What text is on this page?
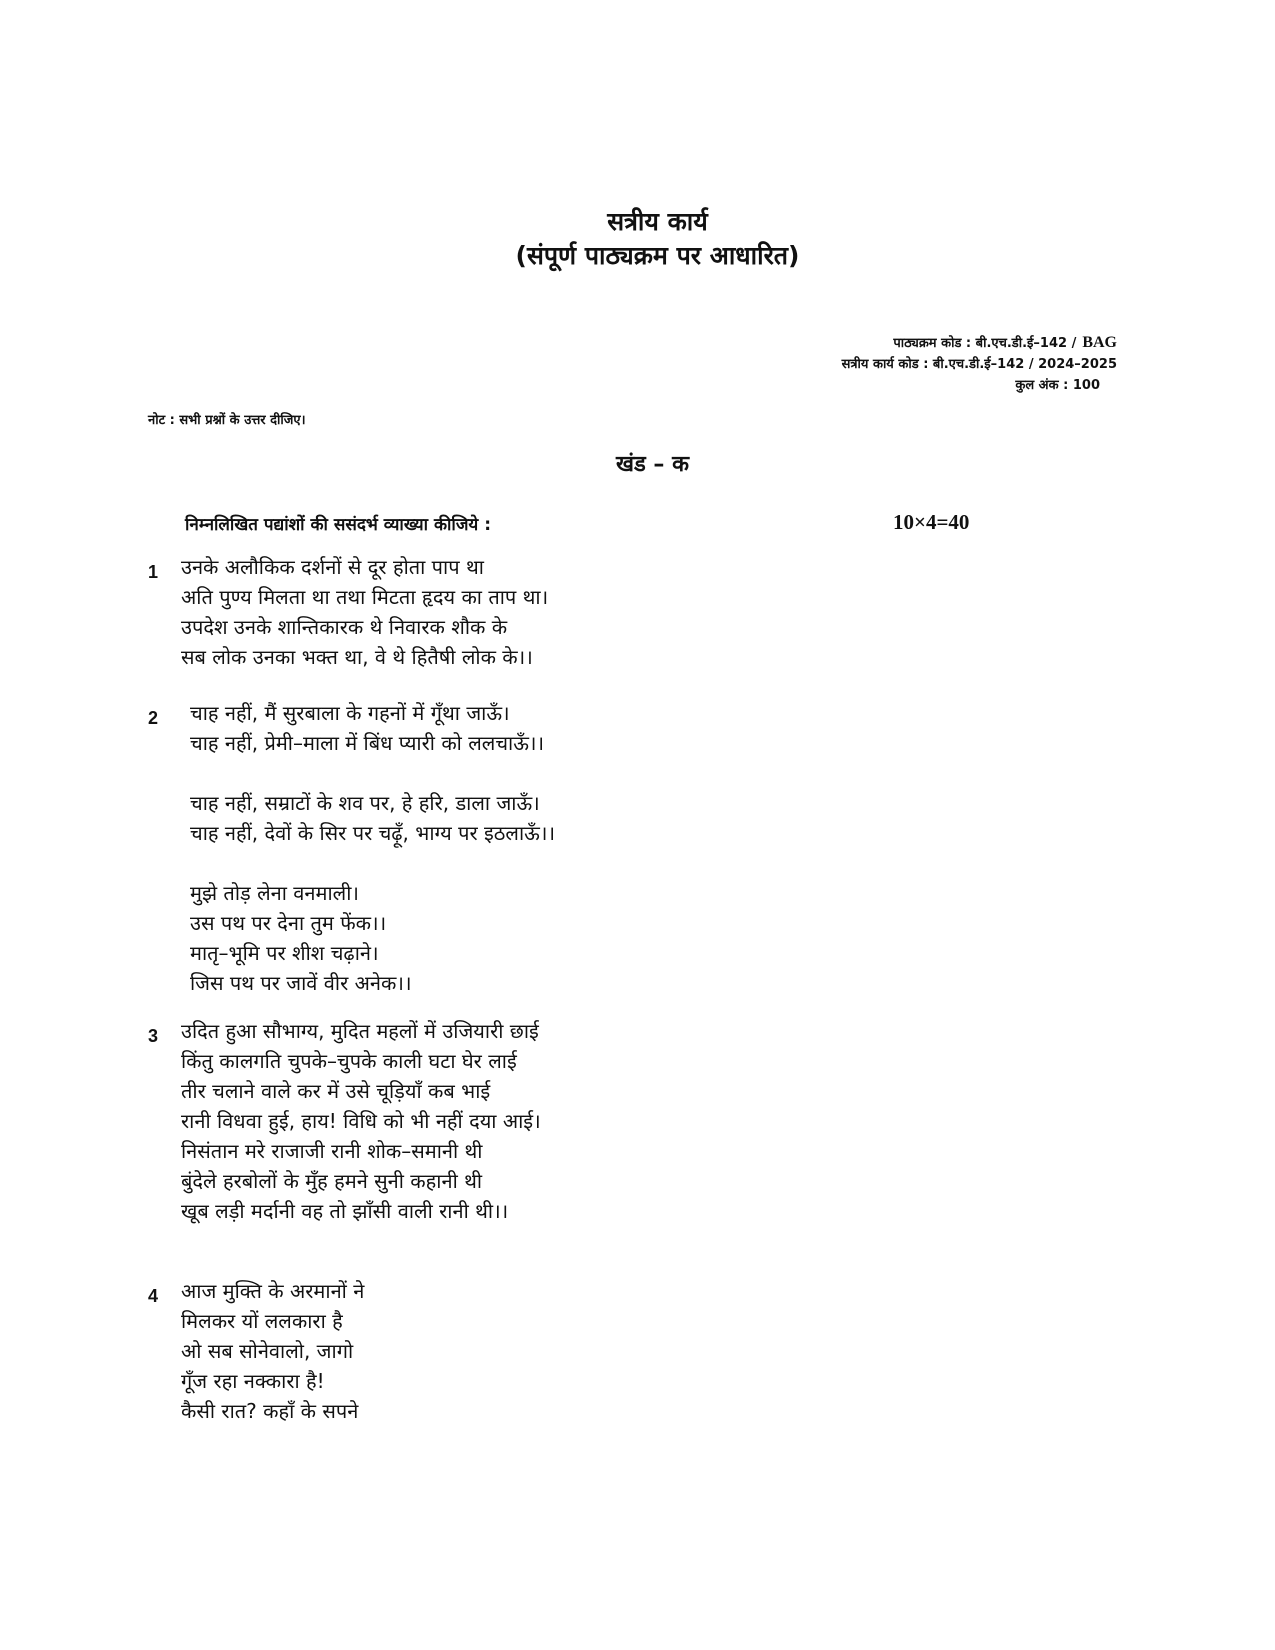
सत्रीय कार्य
(संपूर्ण पाठ्यक्रम पर आधारित)
पाठ्यक्रम कोड : बी.एच.डी.ई–142 / BAG
सत्रीय कार्य कोड : बी.एच.डी.ई–142 / 2024–2025
कुल अंक : 100
नोट : सभी प्रश्नों के उत्तर दीजिए।
खंड – क
निम्नलिखित पद्यांशों की ससंदर्भ व्याख्या कीजिये :	10×4=40
1 उनके अलौकिक दर्शनों से दूर होता पाप था
अति पुण्य मिलता था तथा मिटता हृदय का ताप था।
उपदेश उनके शान्तिकारक थे निवारक शौक के
सब लोक उनका भक्त था, वे थे हितैषी लोक के।।

2 चाह नहीं, मैं सुरबाला के गहनों में गूँथा जाऊँ।
चाह नहीं, प्रेमी–माला में बिंध प्यारी को ललचाऊँ।।

चाह नहीं, सम्राटों के शव पर, हे हरि, डाला जाऊँ।
चाह नहीं, देवों के सिर पर चढ़ूँ, भाग्य पर इठलाऊँ।।

मुझे तोड़ लेना वनमाली।
उस पथ पर देना तुम फेंक।।
मातृ–भूमि पर शीश चढ़ाने।
जिस पथ पर जावें वीर अनेक।।

3 उदित हुआ सौभाग्य, मुदित महलों में उजियारी छाई
किंतु कालगति चुपके–चुपके काली घटा घेर लाई
तीर चलाने वाले कर में उसे चूड़ियाँ कब भाई
रानी विधवा हुई, हाय! विधि को भी नहीं दया आई।
निसंतान मरे राजाजी रानी शोक–समानी थी
बुंदेले हरबोलों के मुँह हमने सुनी कहानी थी
खूब लड़ी मर्दानी वह तो झाँसी वाली रानी थी।।

4 आज मुक्ति के अरमानों ने
मिलकर यों ललकारा है
ओ सब सोनेवालो, जागो
गूँज रहा नक्कारा है!
कैसी रात? कहाँ के सपने
